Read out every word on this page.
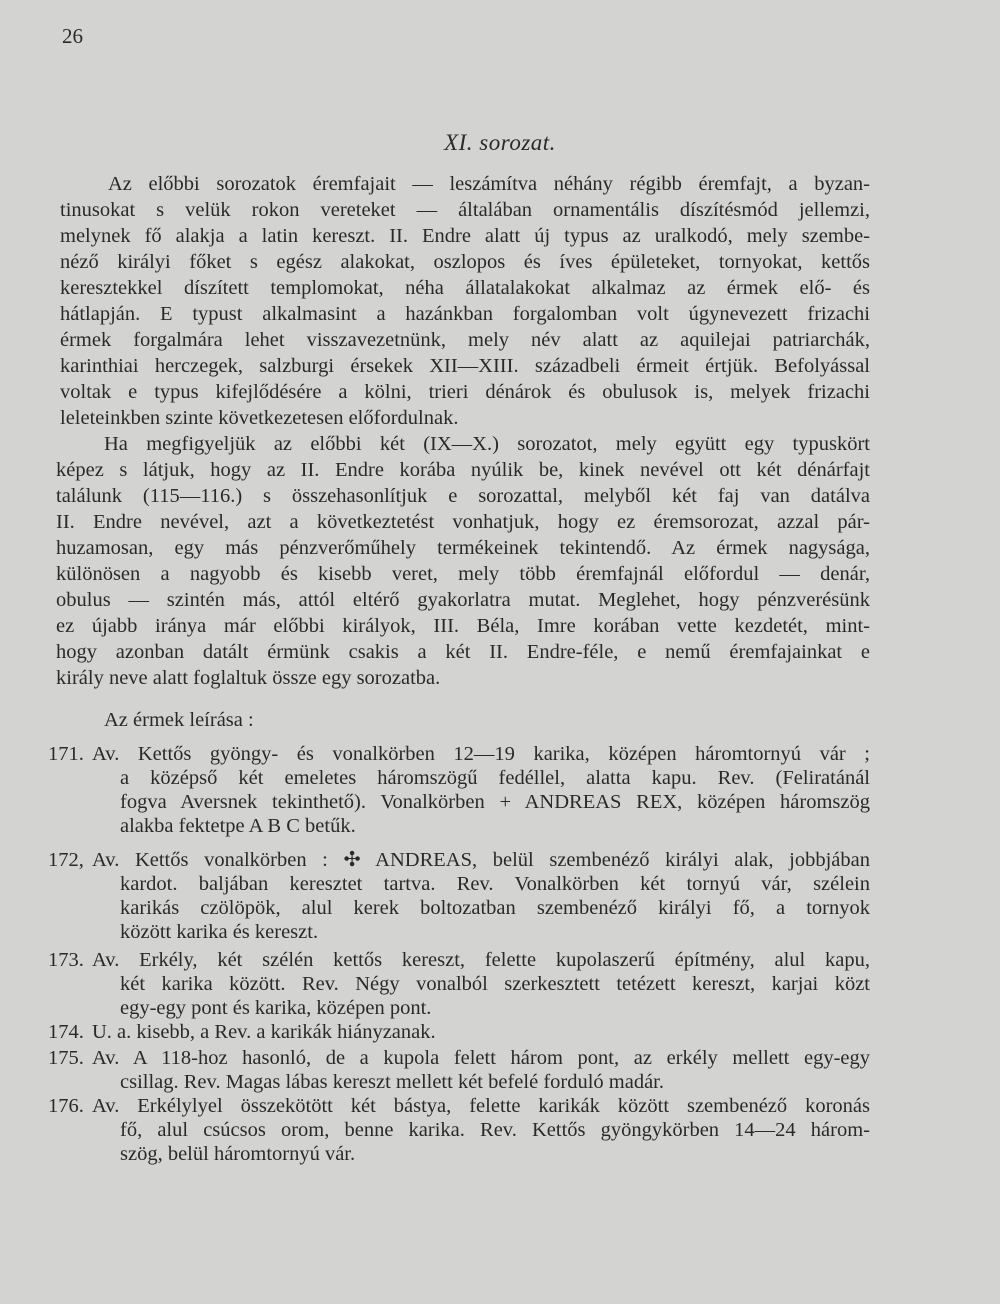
26
XI. sorozat.
Az előbbi sorozatok éremfajait — leszámítva néhány régibb éremfajt, a byzan-
tinusokat s velük rokon vereteket — általában ornamentális díszítésmód jellemzi,
melynek fő alakja a latin kereszt. II. Endre alatt új typus az uralkodó, mely szembe-
néző királyi főket s egész alakokat, oszlopos és íves épületeket, tornyokat, kettős
keresztekkel díszített templomokat, néha állatalakokat alkalmaz az érmek elő- és
hátlapján. E typust alkalmasint a hazánkban forgalomban volt úgynevezett frizachi
érmek forgalmára lehet visszavezetnünk, mely név alatt az aquilejai patriarchák,
karinthiai herczegek, salzburgi érsekek XII—XIII. századbeli érmeit értjük. Befolyással
voltak e typus kifejlődésére a kölni, trieri dénárok és obulusok is, melyek frizachi
leleteinkben szinte következetesen előfordulnak.
Ha megfigyeljük az előbbi két (IX—X.) sorozatot, mely együtt egy typuskört
képez s látjuk, hogy az II. Endre korába nyúlik be, kinek nevével ott két dénárfajt
találunk (115—116.) s összehasonlítjuk e sorozattal, melyből két faj van datálva
II. Endre nevével, azt a következtetést vonhatjuk, hogy ez éremsorozat, azzal pár-
huzamosan, egy más pénzverőműhely termékeinek tekintendő. Az érmek nagysága,
különösen a nagyobb és kisebb veret, mely több éremfajnál előfordul — denár,
obulus — szintén más, attól eltérő gyakorlatra mutat. Meglehet, hogy pénzverésünk
ez újabb iránya már előbbi királyok, III. Béla, Imre korában vette kezdetét, mint-
hogy azonban datált érmünk csakis a két II. Endre-féle, e nemű éremfajainkat e
király neve alatt foglaltuk össze egy sorozatba.
Az érmek leírása :
171. Av. Kettős gyöngy- és vonalkörben 12—19 karika, középen háromtornyú vár ;
a középső két emeletes háromszögű fedéllel, alatta kapu. Rev. (Feliratánál
fogva Aversnek tekinthető). Vonalkörben + ANDREAS REX, középen háromszög
alakba fektetpe A B C betűk.
172, Av. Kettős vonalkörben : ✣ ANDREAS, belül szembenéző királyi alak, jobbjában
kardot. baljában keresztet tartva. Rev. Vonalkörben két tornyú vár, szélein
karikás czölöpök, alul kerek boltozatban szembenéző királyi fő, a tornyok
között karika és kereszt.
173. Av. Erkély, két szélén kettős kereszt, felette kupolaszerű építmény, alul kapu,
két karika között. Rev. Négy vonalból szerkesztett tetézett kereszt, karjai közt
egy-egy pont és karika, középen pont.
174. U. a. kisebb, a Rev. a karikák hiányzanak.
175. Av. A 118-hoz hasonló, de a kupola felett három pont, az erkély mellett egy-egy
csillag. Rev. Magas lábas kereszt mellett két befelé forduló madár.
176. Av. Erkélylyel összekötött két bástya, felette karikák között szembenéző koronás
fő, alul csúcsos orom, benne karika. Rev. Kettős gyöngykörben 14—24 három-
szög, belül háromtornyú vár.
